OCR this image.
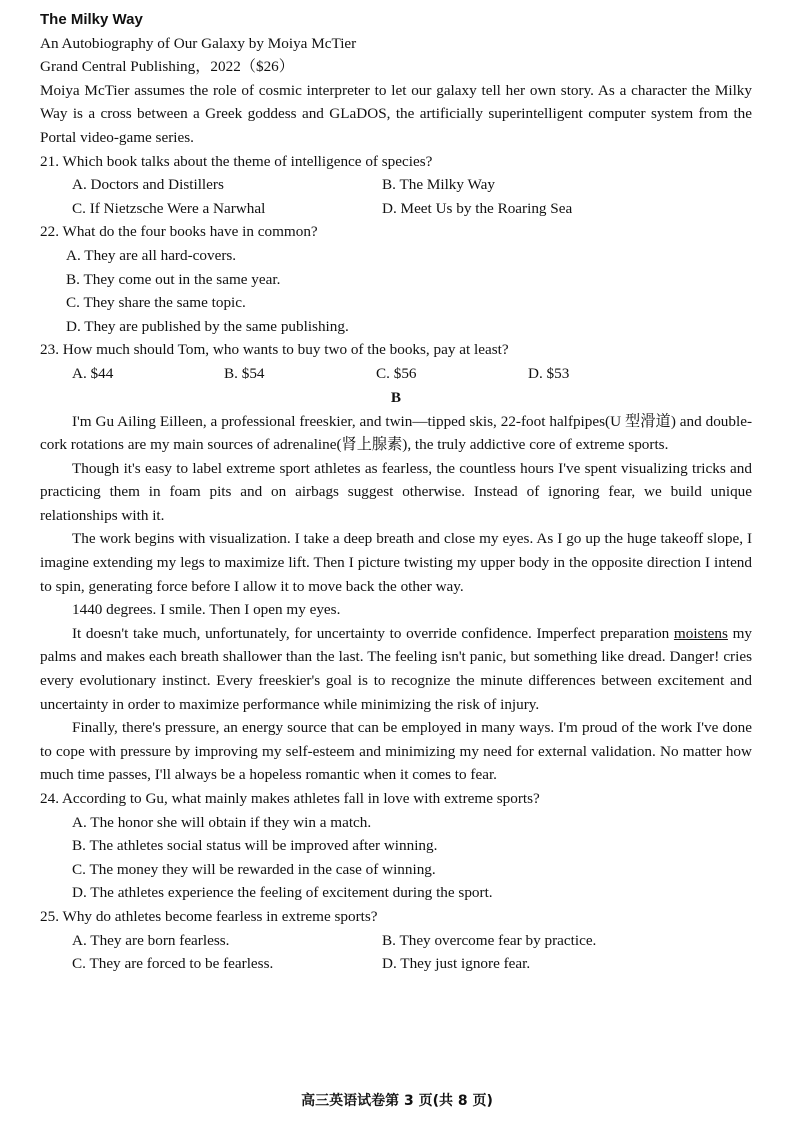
The Milky Way
An Autobiography of Our Galaxy by Moiya McTier
Grand Central Publishing，2022（$26）
Moiya McTier assumes the role of cosmic interpreter to let our galaxy tell her own story. As a character the Milky Way is a cross between a Greek goddess and GLaDOS, the artificially superintelligent computer system from the Portal video-game series.
21. Which book talks about the theme of intelligence of species?
A. Doctors and Distillers	B. The Milky Way
C. If Nietzsche Were a Narwhal	D. Meet Us by the Roaring Sea
22. What do the four books have in common?
A. They are all hard-covers.
B. They come out in the same year.
C. They share the same topic.
D. They are published by the same publishing.
23. How much should Tom, who wants to buy two of the books, pay at least?
A. $44	B. $54	C. $56	D. $53
B
I'm Gu Ailing Eilleen, a professional freeskier, and twin—tipped skis, 22-foot halfpipes(U 型滑道) and double-cork rotations are my main sources of adrenaline(肾上腺素), the truly addictive core of extreme sports.
Though it's easy to label extreme sport athletes as fearless, the countless hours I've spent visualizing tricks and practicing them in foam pits and on airbags suggest otherwise. Instead of ignoring fear, we build unique relationships with it.
The work begins with visualization. I take a deep breath and close my eyes. As I go up the huge takeoff slope, I imagine extending my legs to maximize lift. Then I picture twisting my upper body in the opposite direction I intend to spin, generating force before I allow it to move back the other way.
1440 degrees. I smile. Then I open my eyes.
It doesn't take much, unfortunately, for uncertainty to override confidence. Imperfect preparation moistens my palms and makes each breath shallower than the last. The feeling isn't panic, but something like dread. Danger! cries every evolutionary instinct. Every freeskier's goal is to recognize the minute differences between excitement and uncertainty in order to maximize performance while minimizing the risk of injury.
Finally, there's pressure, an energy source that can be employed in many ways. I'm proud of the work I've done to cope with pressure by improving my self-esteem and minimizing my need for external validation. No matter how much time passes, I'll always be a hopeless romantic when it comes to fear.
24. According to Gu, what mainly makes athletes fall in love with extreme sports?
A. The honor she will obtain if they win a match.
B. The athletes social status will be improved after winning.
C. The money they will be rewarded in the case of winning.
D. The athletes experience the feeling of excitement during the sport.
25. Why do athletes become fearless in extreme sports?
A. They are born fearless.	B. They overcome fear by practice.
C. They are forced to be fearless.	D. They just ignore fear.
高三英语试卷第 3 页(共 8 页)
